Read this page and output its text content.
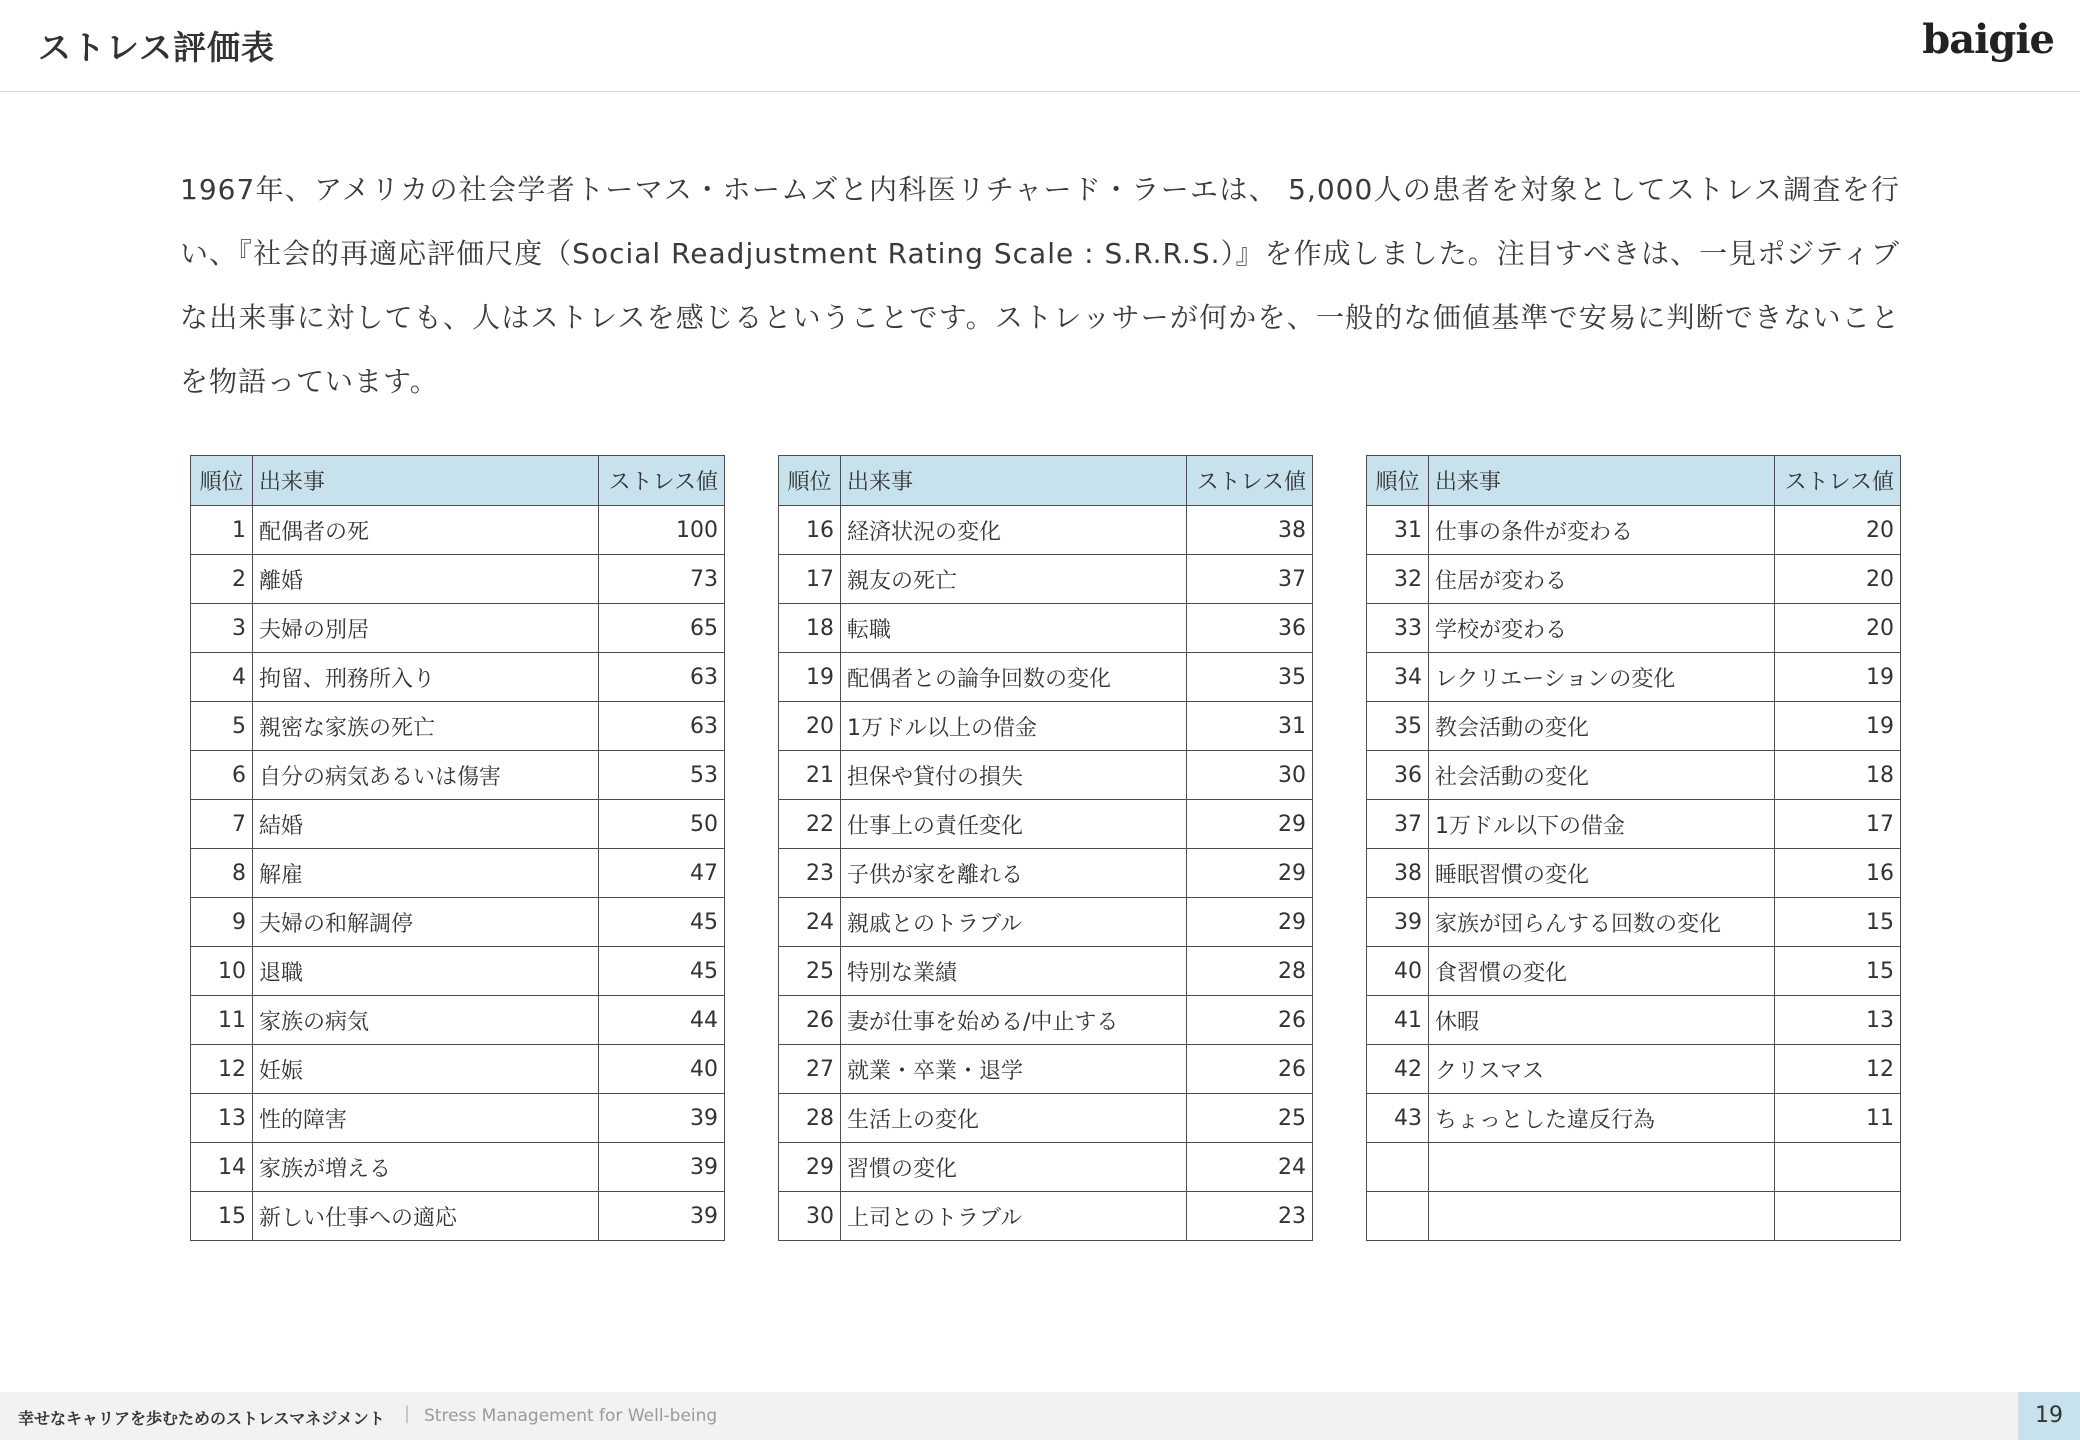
ストレス評価表	baigie
1967年、アメリカの社会学者トーマス・ホームズと内科医リチャード・ラーエは、 5,000人の患者を対象としてストレス調査を行い、『社会的再適応評価尺度（Social Readjustment Rating Scale : S.R.R.S.）』を作成しました。注目すべきは、一見ポジティブな出来事に対しても、人はストレスを感じるということです。ストレッサーが何かを、一般的な価値基準で安易に判断できないことを物語っています。
順位	出来事	ストレス値
1	配偶者の死	100
2	離婚	73
3	夫婦の別居	65
4	拘留、刑務所入り	63
5	親密な家族の死亡	63
6	自分の病気あるいは傷害	53
7	結婚	50
8	解雇	47
9	夫婦の和解調停	45
10	退職	45
11	家族の病気	44
12	妊娠	40
13	性的障害	39
14	家族が増える	39
15	新しい仕事への適応	39
順位	出来事	ストレス値
16	経済状況の変化	38
17	親友の死亡	37
18	転職	36
19	配偶者との論争回数の変化	35
20	1万ドル以上の借金	31
21	担保や貸付の損失	30
22	仕事上の責任変化	29
23	子供が家を離れる	29
24	親戚とのトラブル	29
25	特別な業績	28
26	妻が仕事を始める/中止する	26
27	就業・卒業・退学	26
28	生活上の変化	25
29	習慣の変化	24
30	上司とのトラブル	23
順位	出来事	ストレス値
31	仕事の条件が変わる	20
32	住居が変わる	20
33	学校が変わる	20
34	レクリエーションの変化	19
35	教会活動の変化	19
36	社会活動の変化	18
37	1万ドル以下の借金	17
38	睡眠習慣の変化	16
39	家族が団らんする回数の変化	15
40	食習慣の変化	15
41	休暇	13
42	クリスマス	12
43	ちょっとした違反行為	11

幸せなキャリアを歩むためのストレスマネジメント | Stress Management for Well-being	19
